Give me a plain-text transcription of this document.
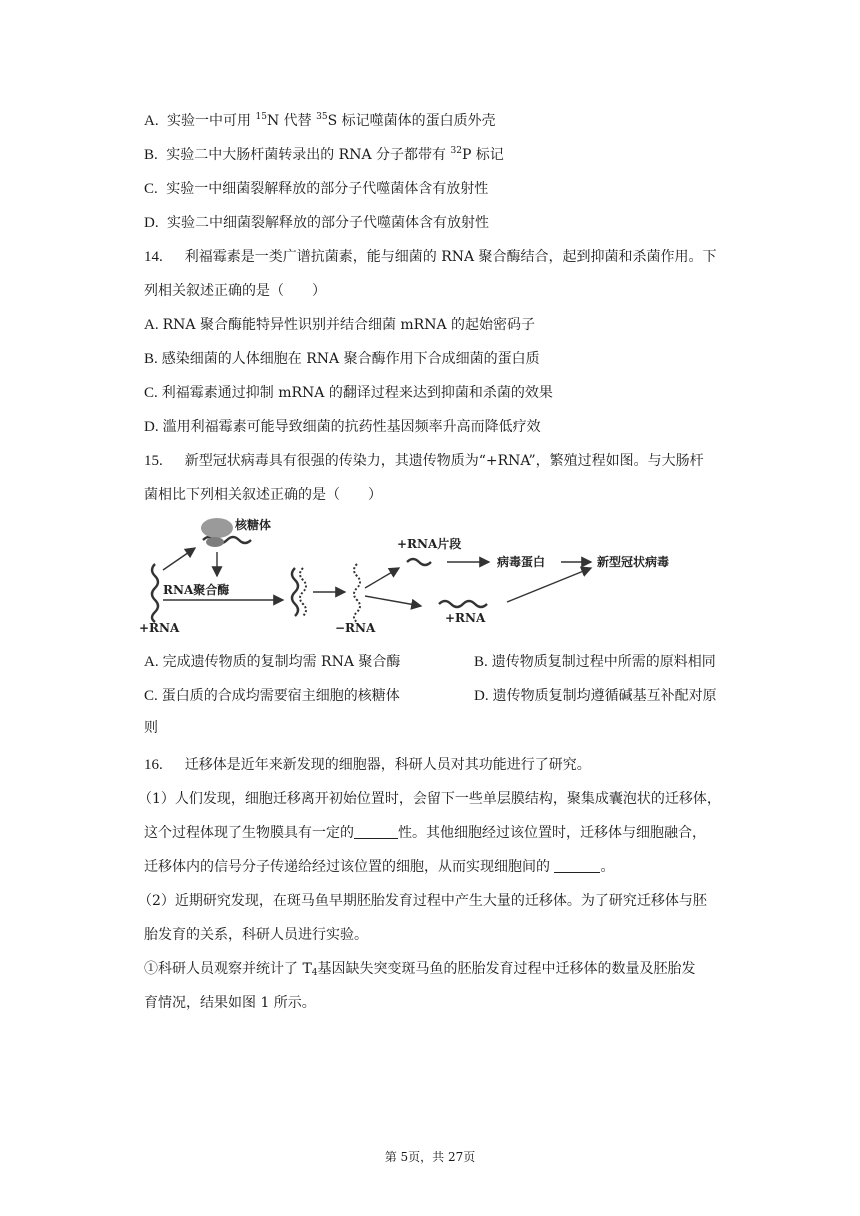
A. 实验一中可用 $^{15}$N 代替 $^{35}$S 标记噬菌体的蛋白质外壳
B. 实验二中大肠杆菌转录出的 RNA 分子都带有 $^{32}$P 标记
C. 实验一中细菌裂解释放的部分子代噬菌体含有放射性
D. 实验二中细菌裂解释放的部分子代噬菌体含有放射性
14. 利福霉素是一类广谱抗菌素，能与细菌的 RNA 聚合酶结合，起到抑菌和杀菌作用。下
列相关叙述正确的是（　　）
A. RNA 聚合酶能特异性识别并结合细菌 mRNA 的起始密码子
B. 感染细菌的人体细胞在 RNA 聚合酶作用下合成细菌的蛋白质
C. 利福霉素通过抑制 mRNA 的翻译过程来达到抑菌和杀菌的效果
D. 滥用利福霉素可能导致细菌的抗药性基因频率升高而降低疗效
15. 新型冠状病毒具有很强的传染力，其遗传物质为“+RNA”，繁殖过程如图。与大肠杆
菌相比下列相关叙述正确的是（　　）
核糖体
RNA聚合酶
+RNA	−RNA
+RNA片段
+RNA
病毒蛋白	新型冠状病毒
A. 完成遗传物质的复制均需 RNA 聚合酶	B. 遗传物质复制过程中所需的原料相同
C. 蛋白质的合成均需要宿主细胞的核糖体	D. 遗传物质复制均遵循碱基互补配对原
则
16. 迁移体是近年来新发现的细胞器，科研人员对其功能进行了研究。
（1）人们发现，细胞迁移离开初始位置时，会留下一些单层膜结构，聚集成囊泡状的迁移体，
这个过程体现了生物膜具有一定的	性。其他细胞经过该位置时，迁移体与细胞融合，
迁移体内的信号分子传递给经过该位置的细胞，从而实现细胞间的	。
（2）近期研究发现，在斑马鱼早期胚胎发育过程中产生大量的迁移体。为了研究迁移体与胚
胎发育的关系，科研人员进行实验。
①科研人员观察并统计了 $T_4$基因缺失突变斑马鱼的胚胎发育过程中迁移体的数量及胚胎发
育情况，结果如图 1 所示。
第 5页，共 27页
